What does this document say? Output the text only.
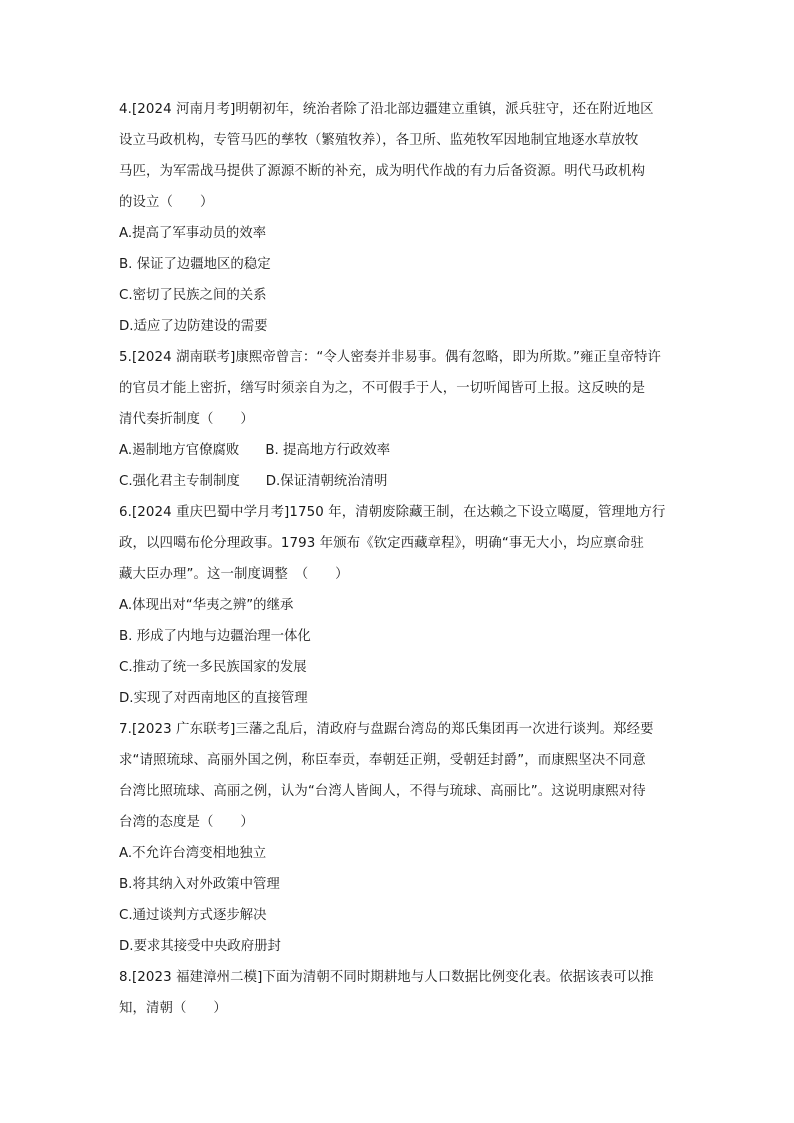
4.[2024 河南月考]明朝初年，统治者除了沿北部边疆建立重镇，派兵驻守，还在附近地区
设立马政机构，专管马匹的孳牧（繁殖牧养），各卫所、监苑牧军因地制宜地逐水草放牧
马匹，为军需战马提供了源源不断的补充，成为明代作战的有力后备资源。明代马政机构
的设立（　　）
A.提高了军事动员的效率
B. 保证了边疆地区的稳定
C.密切了民族之间的关系
D.适应了边防建设的需要
5.[2024 湖南联考]康熙帝曾言：“令人密奏并非易事。偶有忽略，即为所欺。”雍正皇帝特许
的官员才能上密折，缮写时须亲自为之，不可假手于人，一切听闻皆可上报。这反映的是
清代奏折制度（　　）
A.遏制地方官僚腐败 B. 提高地方行政效率
C.强化君主专制制度 D.保证清朝统治清明
6.[2024 重庆巴蜀中学月考]1750 年，清朝废除藏王制，在达赖之下设立噶厦，管理地方行
政，以四噶布伦分理政事。1793 年颁布《钦定西藏章程》，明确“事无大小，均应禀命驻
藏大臣办理”。这一制度调整　（　　）
A.体现出对“华夷之辨”的继承
B. 形成了内地与边疆治理一体化
C.推动了统一多民族国家的发展
D.实现了对西南地区的直接管理
7.[2023 广东联考]三藩之乱后，清政府与盘踞台湾岛的郑氏集团再一次进行谈判。郑经要
求“请照琉球、高丽外国之例，称臣奉贡，奉朝廷正朔，受朝廷封爵”，而康熙坚决不同意
台湾比照琉球、高丽之例，认为“台湾人皆闽人，不得与琉球、高丽比”。这说明康熙对待
台湾的态度是（　　）
A.不允许台湾变相地独立
B.将其纳入对外政策中管理
C.通过谈判方式逐步解决
D.要求其接受中央政府册封
8.[2023 福建漳州二模]下面为清朝不同时期耕地与人口数据比例变化表。依据该表可以推
知，清朝（　　）
